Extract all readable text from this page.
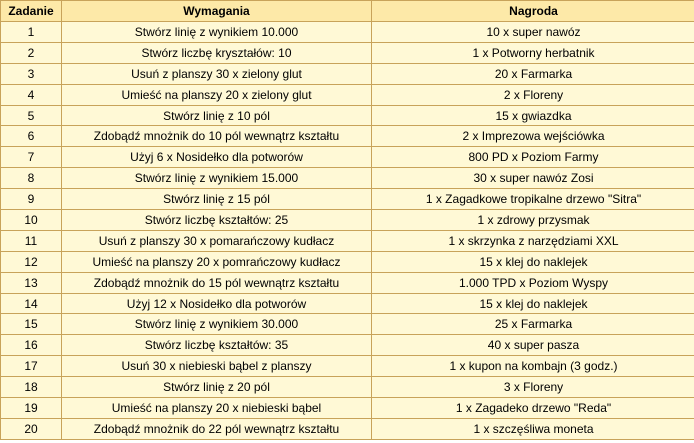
Zadanie	Wymagania	Nagroda
1	Stwórz linię z wynikiem 10.000	10 x super nawóz
2	Stwórz liczbę kryształów: 10	1 x Potworny herbatnik
3	Usuń z planszy 30 x zielony glut	20 x Farmarka
4	Umieść na planszy 20 x zielony glut	2 x Floreny
5	Stwórz linię z 10 pól	15 x gwiazdka
6	Zdobądź mnożnik do 10 pól wewnątrz kształtu	2 x Imprezowa wejściówka
7	Użyj 6 x Nosidełko dla potworów	800 PD x Poziom Farmy
8	Stwórz linię z wynikiem 15.000	30 x super nawóz Zosi
9	Stwórz linię z 15 pól	1 x Zagadkowe tropikalne drzewo "Sitra"
10	Stwórz liczbę kształtów: 25	1 x zdrowy przysmak
11	Usuń z planszy 30 x pomarańczowy kudłacz	1 x skrzynka z narzędziami XXL
12	Umieść na planszy 20 x pomrańczowy kudłacz	15 x klej do naklejek
13	Zdobądź mnożnik do 15 pól wewnątrz kształtu	1.000 TPD x Poziom Wyspy
14	Użyj 12 x Nosidełko dla potworów	15 x klej do naklejek
15	Stwórz linię z wynikiem 30.000	25 x Farmarka
16	Stwórz liczbę kształtów: 35	40 x super pasza
17	Usuń 30 x niebieski bąbel z planszy	1 x kupon na kombajn (3 godz.)
18	Stwórz linię z 20 pól	3 x Floreny
19	Umieść na planszy 20 x niebieski bąbel	1 x Zagadeko drzewo "Reda"
20	Zdobądź mnożnik do 22 pól wewnątrz kształtu	1 x szczęśliwa moneta
